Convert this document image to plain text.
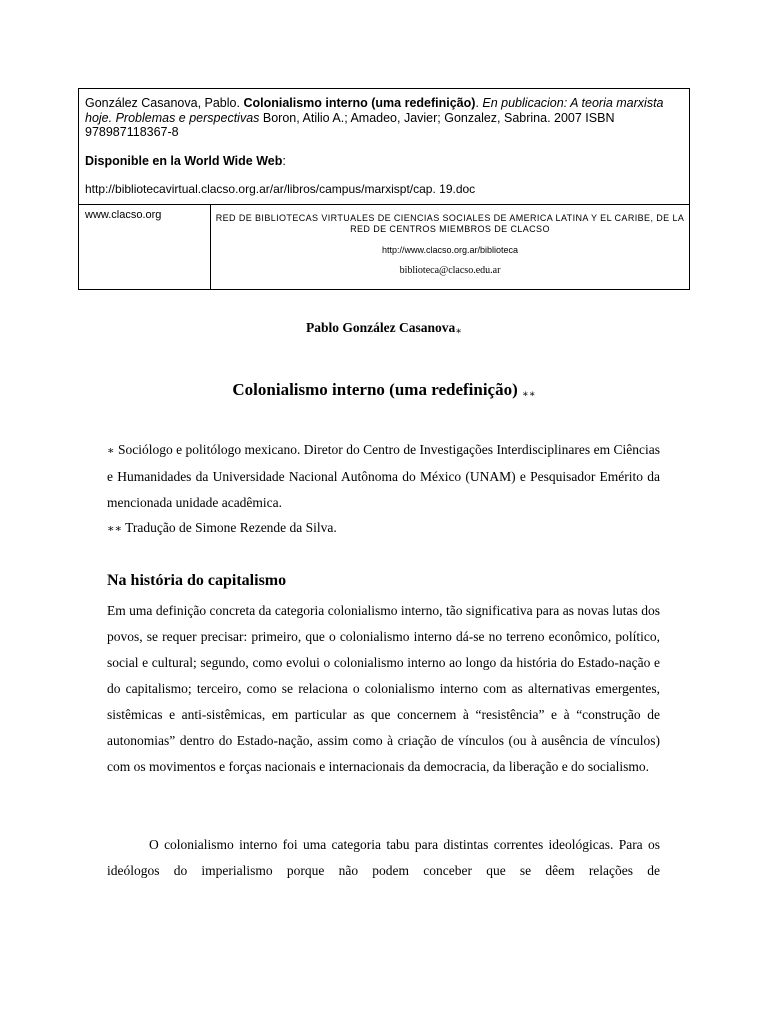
González Casanova, Pablo. Colonialismo interno (uma redefinição). En publicacion: A teoria marxista hoje. Problemas e perspectivas Boron, Atilio A.; Amadeo, Javier; Gonzalez, Sabrina. 2007 ISBN 978987118367-8
Disponible en la World Wide Web:
http://bibliotecavirtual.clacso.org.ar/ar/libros/campus/marxispt/cap. 19.doc
www.clacso.org	RED DE BIBLIOTECAS VIRTUALES DE CIENCIAS SOCIALES DE AMERICA LATINA Y EL CARIBE, DE LA RED DE CENTROS MIEMBROS DE CLACSO
http://www.clacso.org.ar/biblioteca
biblioteca@clacso.edu.ar
Pablo González Casanova∗
Colonialismo interno (uma redefinição) ∗∗
∗ Sociólogo e politólogo mexicano. Diretor do Centro de Investigações Interdisciplinares em Ciências e Humanidades da Universidade Nacional Autônoma do México (UNAM) e Pesquisador Emérito da mencionada unidade acadêmica.
∗∗ Tradução de Simone Rezende da Silva.
Na história do capitalismo
Em uma definição concreta da categoria colonialismo interno, tão significativa para as novas lutas dos povos, se requer precisar: primeiro, que o colonialismo interno dá-se no terreno econômico, político, social e cultural; segundo, como evolui o colonialismo interno ao longo da história do Estado-nação e do capitalismo; terceiro, como se relaciona o colonialismo interno com as alternativas emergentes, sistêmicas e anti-sistêmicas, em particular as que concernem à “resistência” e à “construção de autonomias” dentro do Estado-nação, assim como à criação de vínculos (ou à ausência de vínculos) com os movimentos e forças nacionais e internacionais da democracia, da liberação e do socialismo.
O colonialismo interno foi uma categoria tabu para distintas correntes ideológicas. Para os ideólogos do imperialismo porque não podem conceber que se dêem relações de
